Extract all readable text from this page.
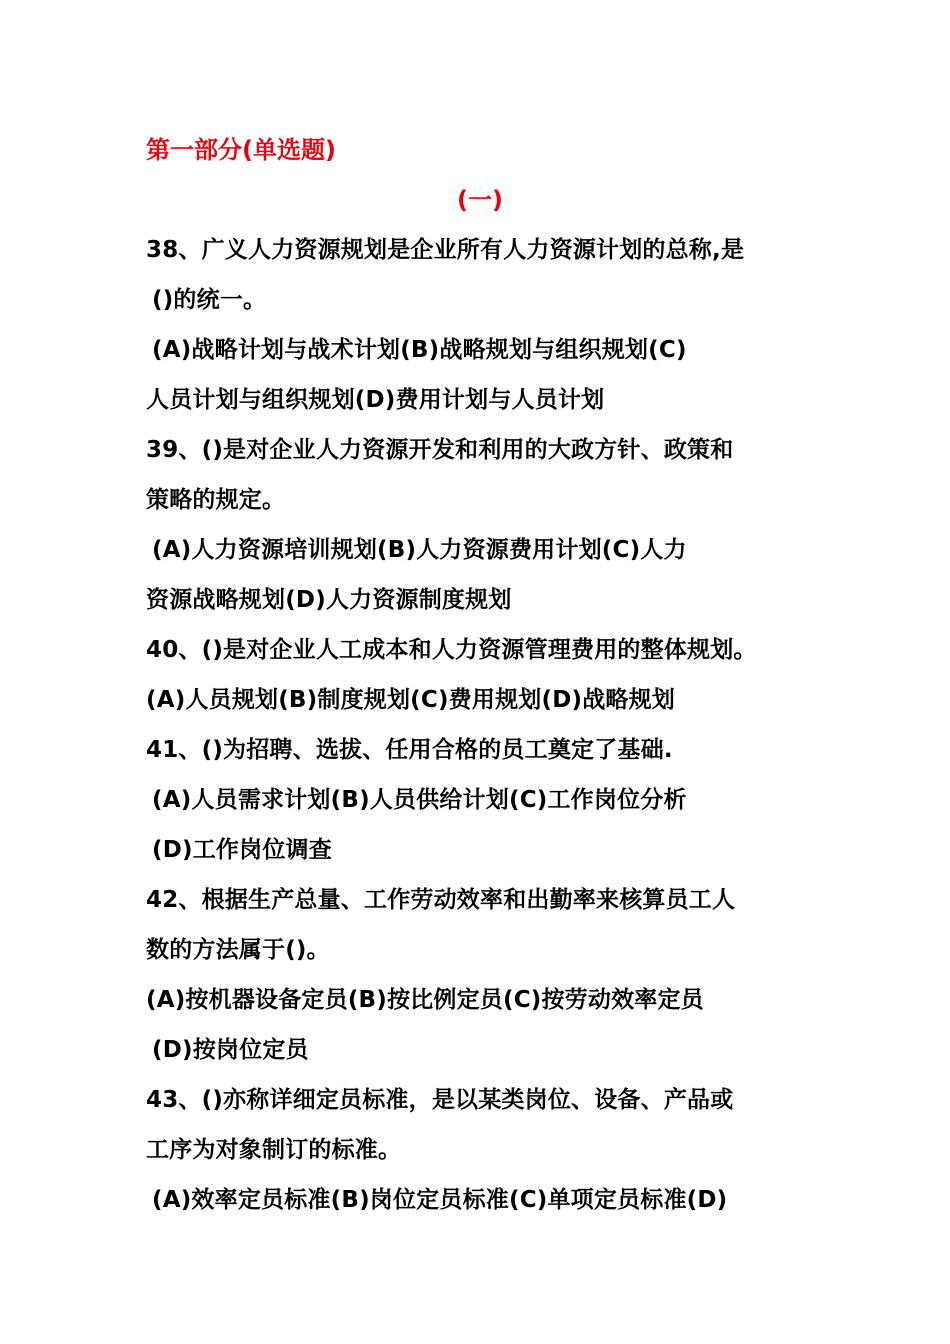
第一部分(单选题)
(一)
38、广义人力资源规划是企业所有人力资源计划的总称,是
()的统一。
(A)战略计划与战术计划(B)战略规划与组织规划(C)
人员计划与组织规划(D)费用计划与人员计划
39、()是对企业人力资源开发和利用的大政方针、政策和
策略的规定。
(A)人力资源培训规划(B)人力资源费用计划(C)人力
资源战略规划(D)人力资源制度规划
40、()是对企业人工成本和人力资源管理费用的整体规划。
(A)人员规划(B)制度规划(C)费用规划(D)战略规划
41、()为招聘、选拔、任用合格的员工奠定了基础.
(A)人员需求计划(B)人员供给计划(C)工作岗位分析
(D)工作岗位调查
42、根据生产总量、工作劳动效率和出勤率来核算员工人
数的方法属于()。
(A)按机器设备定员(B)按比例定员(C)按劳动效率定员
(D)按岗位定员
43、()亦称详细定员标准，是以某类岗位、设备、产品或
工序为对象制订的标准。
(A)效率定员标准(B)岗位定员标准(C)单项定员标准(D)
